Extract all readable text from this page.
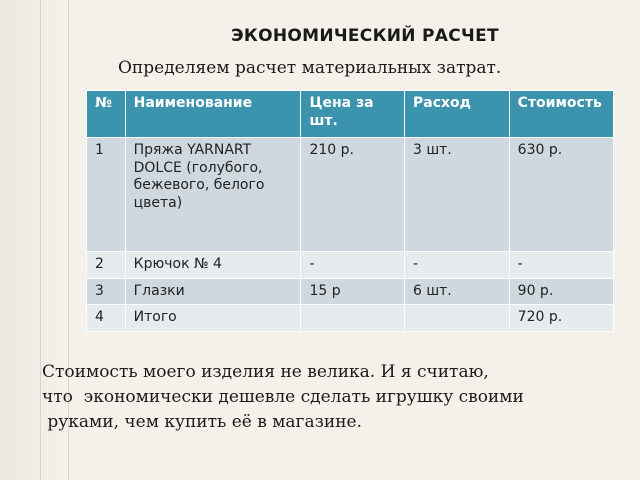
ЭКОНОМИЧЕСКИЙ РАСЧЕТ
Определяем расчет материальных затрат.
№	Наименование	Цена за шт.	Расход	Стоимость
1	Пряжа YARNART DOLCE (голубого, бежевого, белого цвета)	210 р.	3 шт.	630 р.
2	Крючок № 4	-	-	-
3	Глазки	15 р	6 шт.	90 р.
4	Итого			720 р.
Стоимость моего изделия не велика. И я считаю,
что  экономически дешевле сделать игрушку своими
руками, чем купить её в магазине.
